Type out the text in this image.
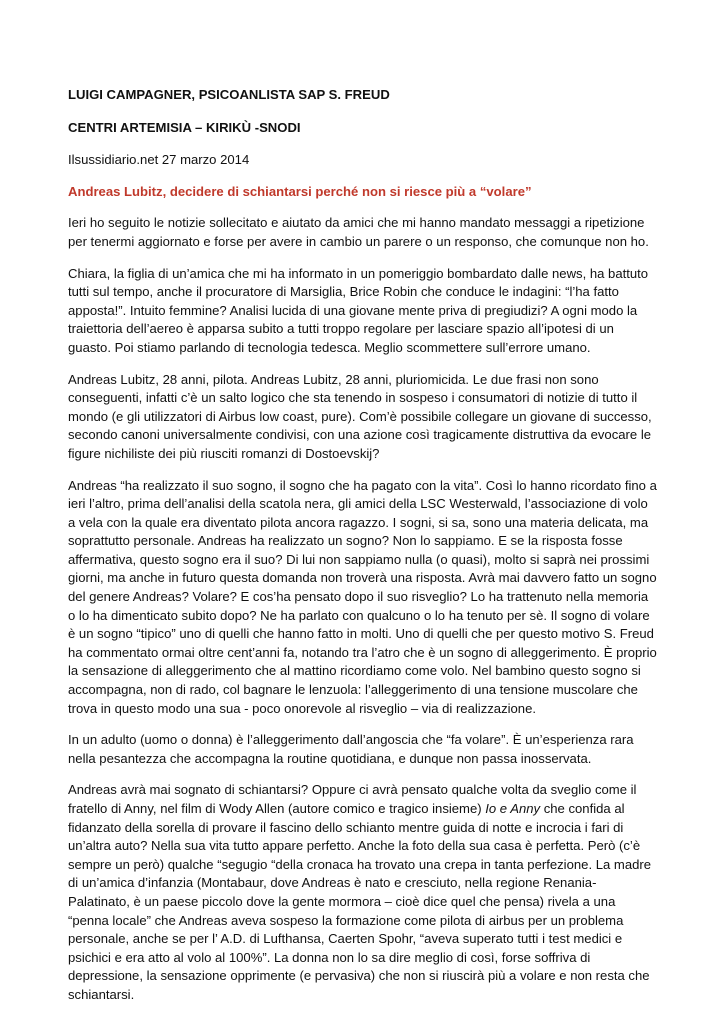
LUIGI CAMPAGNER, PSICOANLISTA SAP S. FREUD

CENTRI ARTEMISIA – KIRIKÙ -SNODI

Ilsussidiario.net 27 marzo 2014

Andreas Lubitz, decidere di schiantarsi perché non si riesce più a “volare”

Ieri ho seguito le notizie sollecitato e aiutato da amici che mi hanno mandato messaggi a ripetizione per tenermi aggiornato e forse per avere in cambio un parere o un responso, che comunque non ho.

Chiara, la figlia di un’amica che mi ha informato in un pomeriggio bombardato dalle news, ha battuto tutti sul tempo, anche il procuratore di Marsiglia, Brice Robin che conduce le indagini: “l’ha fatto apposta!”. Intuito femmine? Analisi lucida di una giovane mente priva di pregiudizi? A ogni modo la traiettoria dell’aereo è apparsa subito a tutti troppo regolare per lasciare spazio all’ipotesi di un guasto. Poi stiamo parlando di tecnologia tedesca. Meglio scommettere sull’errore umano.

Andreas Lubitz, 28 anni, pilota. Andreas Lubitz, 28 anni, pluriomicida. Le due frasi non sono conseguenti, infatti c’è un salto logico che sta tenendo in sospeso i consumatori di notizie di tutto il mondo (e gli utilizzatori di Airbus low coast, pure). Com’è possibile collegare un giovane di successo, secondo canoni universalmente condivisi, con una azione così tragicamente distruttiva da evocare le figure nichiliste dei più riusciti romanzi di Dostoevskij?

Andreas “ha realizzato il suo sogno, il sogno che ha pagato con la vita”. Così lo hanno ricordato fino a ieri l’altro, prima dell’analisi della scatola nera, gli amici della LSC Westerwald, l’associazione di volo a vela con la quale era diventato pilota ancora ragazzo. I sogni, si sa, sono una materia delicata, ma soprattutto personale. Andreas ha realizzato un sogno? Non lo sappiamo. E se la risposta fosse affermativa, questo sogno era il suo? Di lui non sappiamo nulla (o quasi), molto si saprà nei prossimi giorni, ma anche in futuro questa domanda non troverà una risposta. Avrà mai davvero fatto un sogno del genere Andreas? Volare? E cos’ha pensato dopo il suo risveglio? Lo ha trattenuto nella memoria o lo ha dimenticato subito dopo? Ne ha parlato con qualcuno o lo ha tenuto per sè. Il sogno di volare è un sogno “tipico” uno di quelli che hanno fatto in molti. Uno di quelli che per questo motivo S. Freud ha commentato ormai oltre cent’anni fa, notando tra l’atro che è un sogno di alleggerimento. È proprio la sensazione di alleggerimento che al mattino ricordiamo come volo. Nel bambino questo sogno si accompagna, non di rado, col bagnare le lenzuola: l’alleggerimento di una tensione muscolare che trova in questo modo una sua - poco onorevole al risveglio – via di realizzazione.

In un adulto (uomo o donna) è l’alleggerimento dall’angoscia che “fa volare”. È un’esperienza rara nella pesantezza che accompagna la routine quotidiana, e dunque non passa inosservata.

Andreas avrà mai sognato di schiantarsi? Oppure ci avrà pensato qualche volta da sveglio come il fratello di Anny, nel film di Wody Allen (autore comico e tragico insieme) Io e Anny che confida al fidanzato della sorella di provare il fascino dello schianto mentre guida di notte e incrocia i fari di un’altra auto? Nella sua vita tutto appare perfetto. Anche la foto della sua casa è perfetta. Però (c’è sempre un però) qualche “segugio “della cronaca ha trovato una crepa in tanta perfezione. La madre di un’amica d’infanzia (Montabaur, dove Andreas è nato e cresciuto, nella regione Renania-Palatinato, è un paese piccolo dove la gente mormora – cioè dice quel che pensa) rivela a una “penna locale” che Andreas aveva sospeso la formazione come pilota di airbus per un problema personale, anche se per l’ A.D. di Lufthansa, Caerten Spohr, “aveva superato tutti i test medici e psichici e era atto al volo al 100%”. La donna non lo sa dire meglio di così, forse soffriva di depressione, la sensazione opprimente (e pervasiva) che non si riuscirà più a volare e non resta che schiantarsi.
